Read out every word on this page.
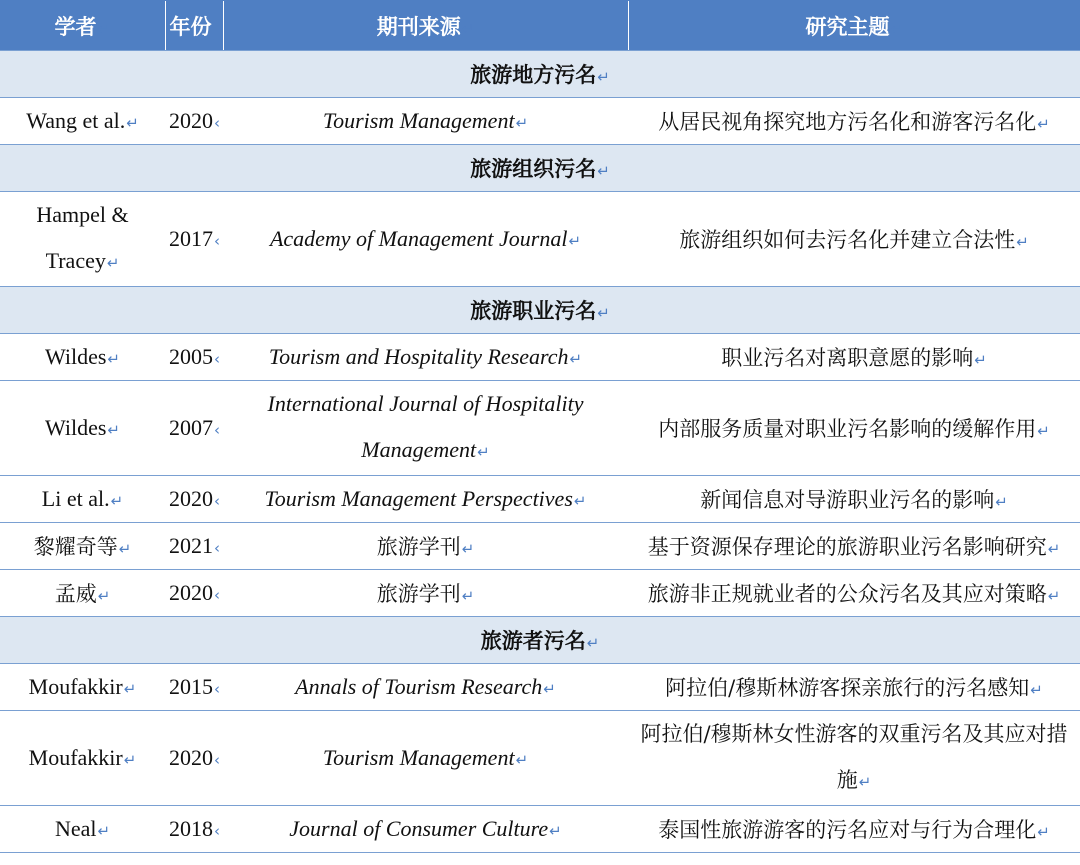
学者↵	年份	期刊来源↵	研究主题↵
旅游地方污名↵			
Wang et al.↵	2020‹	Tourism Management↵	从居民视角探究地方污名化和游客污名化↵
旅游组织污名↵			
Hampel & Tracey↵	2017‹	Academy of Management Journal↵	旅游组织如何去污名化并建立合法性↵
旅游职业污名↵			
Wildes↵	2005‹	Tourism and Hospitality Research↵	职业污名对离职意愿的影响↵
Wildes↵	2007‹	International Journal of Hospitality Management↵	内部服务质量对职业污名影响的缓解作用↵
Li et al.↵	2020‹	Tourism Management Perspectives↵	新闻信息对导游职业污名的影响↵
黎耀奇等↵	2021‹	旅游学刊↵	基于资源保存理论的旅游职业污名影响研究↵
孟威↵	2020‹	旅游学刊↵	旅游非正规就业者的公众污名及其应对策略↵
旅游者污名↵			
Moufakkir↵	2015‹	Annals of Tourism Research↵	阿拉伯/穆斯林游客探亲旅行的污名感知↵
Moufakkir↵	2020‹	Tourism Management↵	阿拉伯/穆斯林女性游客的双重污名及其应对措施↵
Neal↵	2018‹	Journal of Consumer Culture↵	泰国性旅游游客的污名应对与行为合理化↵
